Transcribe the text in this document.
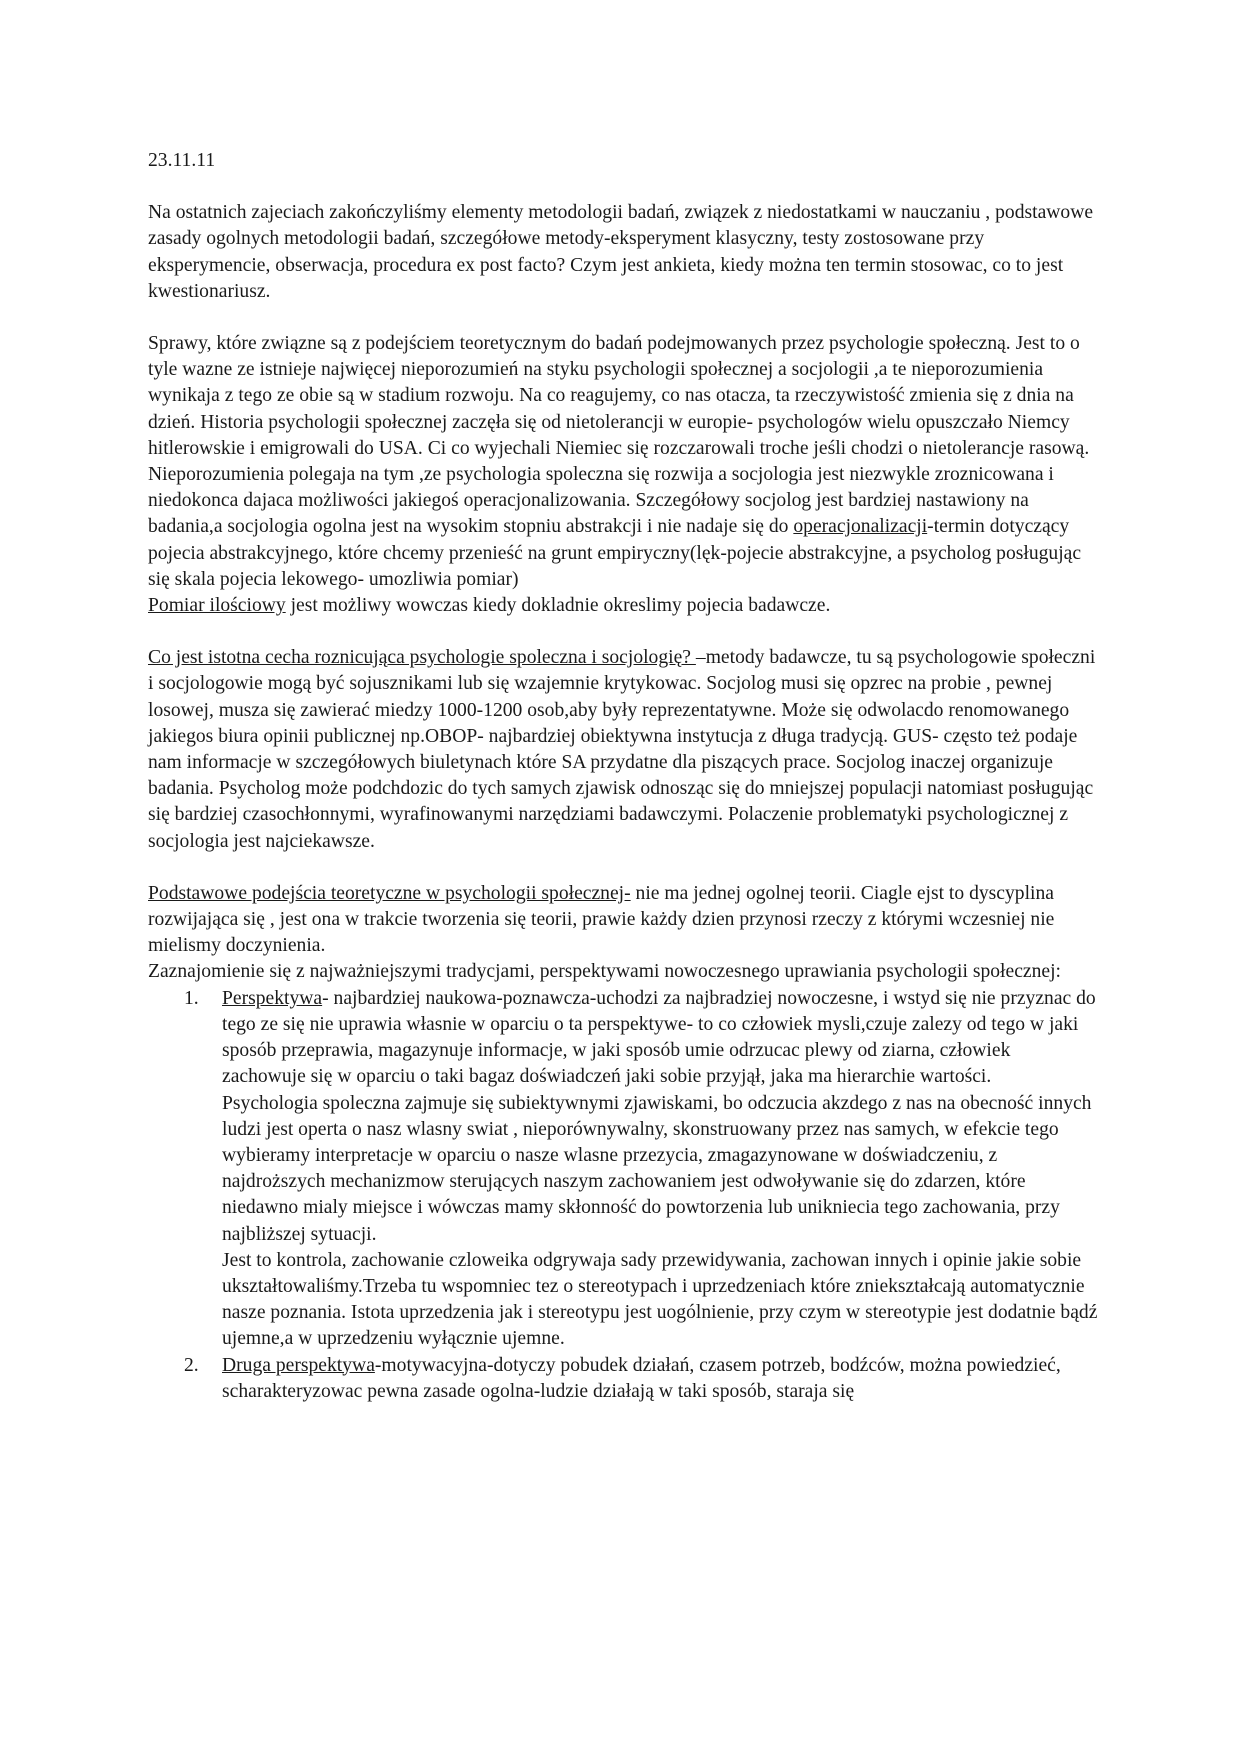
23.11.11

Na ostatnich zajeciach zakończyliśmy elementy metodologii badań, związek z niedostatkami w nauczaniu , podstawowe zasady ogolnych metodologii badań, szczegółowe metody-eksperyment klasyczny, testy zostosowane przy eksperymencie, obserwacja, procedura ex post facto? Czym jest ankieta, kiedy można ten termin stosowac, co to jest kwestionariusz.

Sprawy, które związne są z podejściem teoretycznym do badań podejmowanych przez psychologie społeczną. Jest to o tyle wazne ze istnieje najwięcej nieporozumień na styku psychologii społecznej a socjologii ,a te nieporozumienia wynikaja z tego ze obie są w stadium rozwoju. Na co reagujemy, co nas otacza, ta rzeczywistość zmienia się z dnia na dzień. Historia psychologii społecznej zaczęła się od nietolerancji w europie- psychologów wielu opuszczało Niemcy hitlerowskie i emigrowali do USA. Ci co wyjechali Niemiec się rozczarowali troche jeśli chodzi o nietolerancje rasową.

Nieporozumienia polegaja na tym ,ze psychologia spoleczna się rozwija a socjologia jest niezwykle zroznicowana i niedokonca dajaca możliwości jakiegoś operacjonalizowania. Szczegółowy socjolog jest bardziej nastawiony na badania,a socjologia ogolna jest na wysokim stopniu abstrakcji i nie nadaje się do operacjonalizacji-termin dotyczący pojecia abstrakcyjnego, które chcemy przenieść na grunt empiryczny(lęk-pojecie abstrakcyjne, a psycholog posługując się skala pojecia lekowego- umozliwia pomiar)

Pomiar ilościowy jest możliwy wowczas kiedy dokladnie okreslimy pojecia badawcze.

Co jest istotna cecha roznicująca psychologie spoleczna i socjologię? –metody badawcze, tu są psychologowie społeczni i socjologowie mogą być sojusznikami lub się wzajemnie krytykowac. Socjolog musi się opzrec na probie , pewnej losowej, musza się zawierać miedzy 1000-1200 osob,aby były reprezentatywne. Może się odwolacdo renomowanego jakiegos biura opinii publicznej np.OBOP- najbardziej obiektywna instytucja z długa tradycją. GUS- często też podaje nam informacje w szczegółowych biuletynach które SA przydatne dla piszących prace. Socjolog inaczej organizuje badania. Psycholog może podchdozic do tych samych zjawisk odnosząc się do mniejszej populacji natomiast posługując się bardziej czasochłonnymi, wyrafinowanymi narzędziami badawczymi. Polaczenie problematyki psychologicznej z socjologia jest najciekawsze.

Podstawowe podejścia teoretyczne w psychologii społecznej- nie ma jednej ogolnej teorii. Ciagle ejst to dyscyplina rozwijająca się , jest ona w trakcie tworzenia się teorii, prawie każdy dzien przynosi rzeczy z którymi wczesniej nie mielismy doczynienia.

Zaznajomienie się z najważniejszymi tradycjami, perspektywami nowoczesnego uprawiania psychologii społecznej:

1. Perspektywa- najbardziej naukowa-poznawcza-uchodzi za najbradziej nowoczesne, i wstyd się nie przyznac do tego ze się nie uprawia własnie w oparciu o ta perspektywe- to co człowiek mysli,czuje zalezy od tego w jaki sposób przeprawia, magazynuje informacje, w jaki sposób umie odrzucac plewy od ziarna, człowiek zachowuje się w oparciu o taki bagaz doświadczeń jaki sobie przyjął, jaka ma hierarchie wartości.

Psychologia spoleczna zajmuje się subiektywnymi zjawiskami, bo odczucia akzdego z nas na obecność innych ludzi jest operta o nasz wlasny swiat , nieporównywalny, skonstruowany przez nas samych, w efekcie tego wybieramy interpretacje w oparciu o nasze wlasne przezycia, zmagazynowane w doświadczeniu, z najdroższych mechanizmow sterujących naszym zachowaniem jest odwoływanie się do zdarzen, które niedawno mialy miejsce i wówczas mamy skłonność do powtorzenia lub unikniecia tego zachowania, przy najbliższej sytuacji.

Jest to kontrola, zachowanie czloweika odgrywaja sady przewidywania, zachowan innych i opinie jakie sobie ukształtowaliśmy.Trzeba tu wspomniec tez o stereotypach i uprzedzeniach które zniekształcają automatycznie nasze poznania. Istota uprzedzenia jak i stereotypu jest uogólnienie, przy czym w stereotypie jest dodatnie bądź ujemne,a w uprzedzeniu wyłącznie ujemne.

2. Druga perspektywa-motywacyjna-dotyczy pobudek działań, czasem potrzeb, bodźców, można powiedzieć, scharakteryzowac pewna zasade ogolna-ludzie działają w taki sposób, staraja się
